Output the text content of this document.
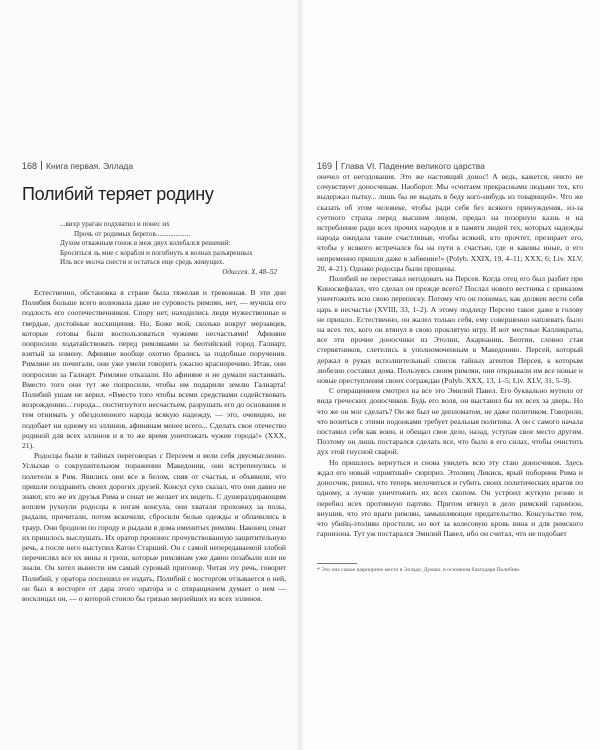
168 Книга первая. Эллада
Полибий теряет родину
...вихр ураган подхватил и понес их
Прочь от родимых берегов...................
Духом отважным гонок в меж двух колебался решений:
Броситься ль мне с корабля и погибнуть в волнах разъяренных
Иль все молча снести и остаться еще средь живущих.
Одиссея. X, 48–52

Естественно, обстановка в стране была тяжелая и тревожная. В эти дни Полибия больше всего волновала даже не суровость римлян, нет, — мучила его подлость его соотечественников. Спору нет, находились люди мужественные и твердые, достойные восхищения. Но, Боже мой, сколько вокруг мерзавцев, которые готовы были воспользоваться чужими несчастьями! Афиняне попросили ходатайствовать перед римлянами за беотийский город Галиарт, взятый за измену. Афиняне вообще охотно брались за подобные поручения. Римляне их почитали, они уже умели говорить ужасно красноречиво. Итак, они попросили за Галиарт. Римляне отказали. Но афиняне и не думали настаивать. Вместо того они тут же попросили, чтобы им подарили землю Галиарта! Полибий ушам не верил. «Вместо того чтобы всеми средствами содействовать возрождению... города... постигнутого несчастьем, разрушать его до основания и тем отнимать у обездоленного народа всякую надежду, — это, очевидно, не подобает ни одному из эллинов, афинянам менее всего... Сделать свое отечество родиной для всех эллинов и в то же время уничтожать чужие города!» (XXX, 21).

Родосцы были в тайных переговорах с Персеем и вели себя двусмысленно. Услыхав о сокрушительном поражении Македонии, они встрепенулись и полетели в Рим. Явились они все в белом, сияя от счастья, и объявили, что пришли поздравить своих дорогих друзей. Консул сухо сказал, что они давно не знают, кто же их друзья Рима и сенат не желает их видеть. С душераздирающим воплем рухнули родосцы к ногам консула, они хватали прохожих за полы, рыдали, причитали, потом вскочили, сбросили белые одежды и облачились в траур. Они бродили по городу и рыдали в дома именитых римлян. Наконец сенат их пришлось выслушать. Их оратор произнес прочувствованную защитительную речь, а после него выступил Катон Старший. Он с самой непередаваемой злобой перечислял все их вины и грехи, которые римлянам уже давно позабыли или не знали. Он хотел вынести им самый суровый приговор. Читая эту речь, говорит Полибий, у оратора поспешил ее издать, Полибий с восторгом отзывается о ней, он был в восторге от дара этого оратора и с отвращением думает о нем — восклицал он, — о которой стоило бы грязью мерзейших из всех эллинов.

169 Глава VI. Падение великого царства

онечел от негодования. Это же настоящий донос! А ведь, кажется, никто не сочувствует доносчикам. Наоборот. Мы «считаем прекрасными людьми тех, кто выдержал пытку... лишь бы не выдать в беду кого-нибудь из товарищей». Что же сказать об этом человеке, чтобы ради себя без всякого принуждения, из-за суетного страха перед высшим лицом, предал на позорную казнь и на истребление ради всех прочих народов и в памяти людей тех, которых надежды народа ожидала такие счастливые, чтобы всякий, кто прочтет, презирает его, чтобы у всякого встречался бы на пути к счастью, где и каковы иные, о его непременно пришли даже в забвение!» (Polyb. XXIX, 19, 4–11; XXX, 6; Liv. XLV, 20, 4–21). Однако родосцы были прощены.

Полибий не переставал негодовать на Персея. Когда отец его был разбит при Киноскефалах, что сделал он прежде всего? Послал нового вестника с приказом уничтожить всю свою переписку. Потому что он понимал, как должен вести себя царь в несчастье (XVIII, 33, 1–2). А этому подлецу Персею такое даже в голову не пришло. Естественно, он жалел только себя, ему совершенно наплевать было на всех тех, кого он втянул в свою проклятую игру. И вот местные Калликраты, все эти прочие доносчики из Этолии, Акарнании, Беотии, словно стая стервятников, слетелись к уполномоченным в Македонию. Персей, который держал в руках исполнительный список тайных агентов Персея, к которым любезно составил дома. Пользуясь своим римлян, они открывали им все новые и новые преступления своих сограждан (Polyb. XXX, 13, 1–5; Liv. XLV, 31, 5–9).

С отвращением смотрел на все это Эмилий Павел. Его буквально мутило от вида греческих доносчиков. Будь его воля, он выставил бы их всех за дверь. Но что же он мог сделать? Он же был не дипломатом, не даже политиком. Говорили, что возиться с этими подонками требует реальная политика. А он с самого начала поставил себя как воин, и обещал свое дело, назад, уступая свое место другим. Поэтому он лишь постарался сделать все, что было в его силах, чтобы очистить дух этой гнусной сварой.

Но пришлось вернуться и снова увидеть всю эту стаю доносчиков. Здесь ждал его новый «приятный» сюрприз. Этолиец Ликиск, ярый поборник Рима и доносчик, решил, что теперь мелочиться и губить своих политических врагов по одному, а лучше уничтожить их всех скопом. Он устроил жуткую резню и перебил всех противную партию. Притом втянул в дело римский гарнизон, внушив, что это враги римлян, замышляющие предательство. Консульство тем, что убийц-этолиян простили, но вот за колесовую кровь вина и для римского гарнизона. Тут уж постарался Эмилий Павел, ибо он считал, что не подобает

* Это она самое шарнирное место в Элладе. Думаю, в основном благодаря Полибию.
